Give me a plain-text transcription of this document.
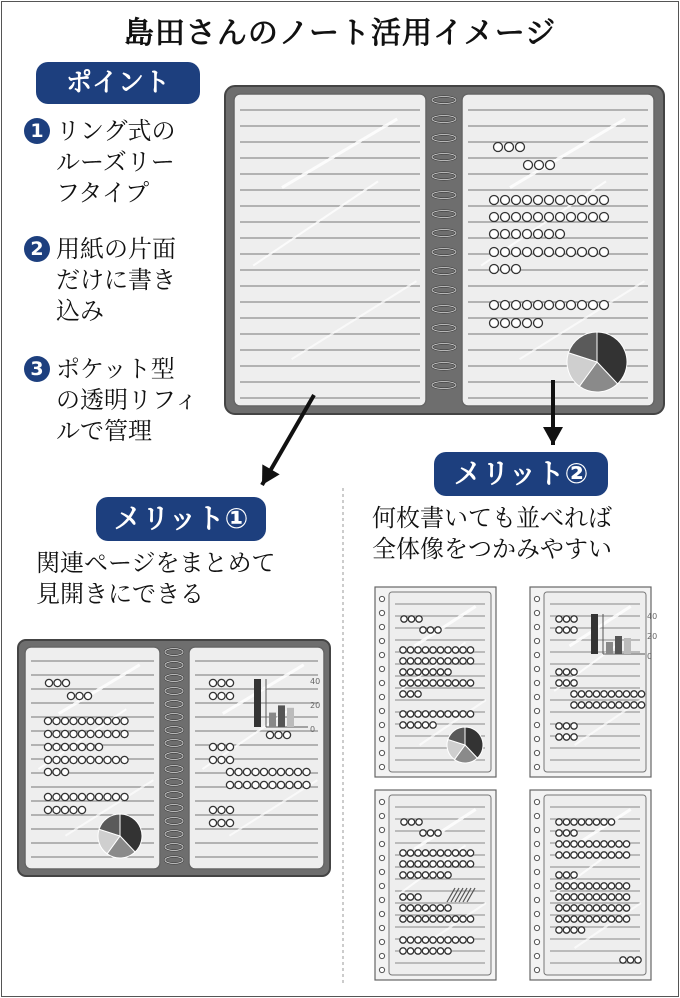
島田さんのノート活用イメージ
ポイント
1 リング式の
ルーズリー
フタイプ
2 用紙の片面
だけに書き
込み
3 ポケット型
の透明リフィ
ルで管理
メリット①
関連ページをまとめて
見開きにできる
メリット②
何枚書いても並べれば
全体像をつかみやすい
40
20
0
40
20
0
